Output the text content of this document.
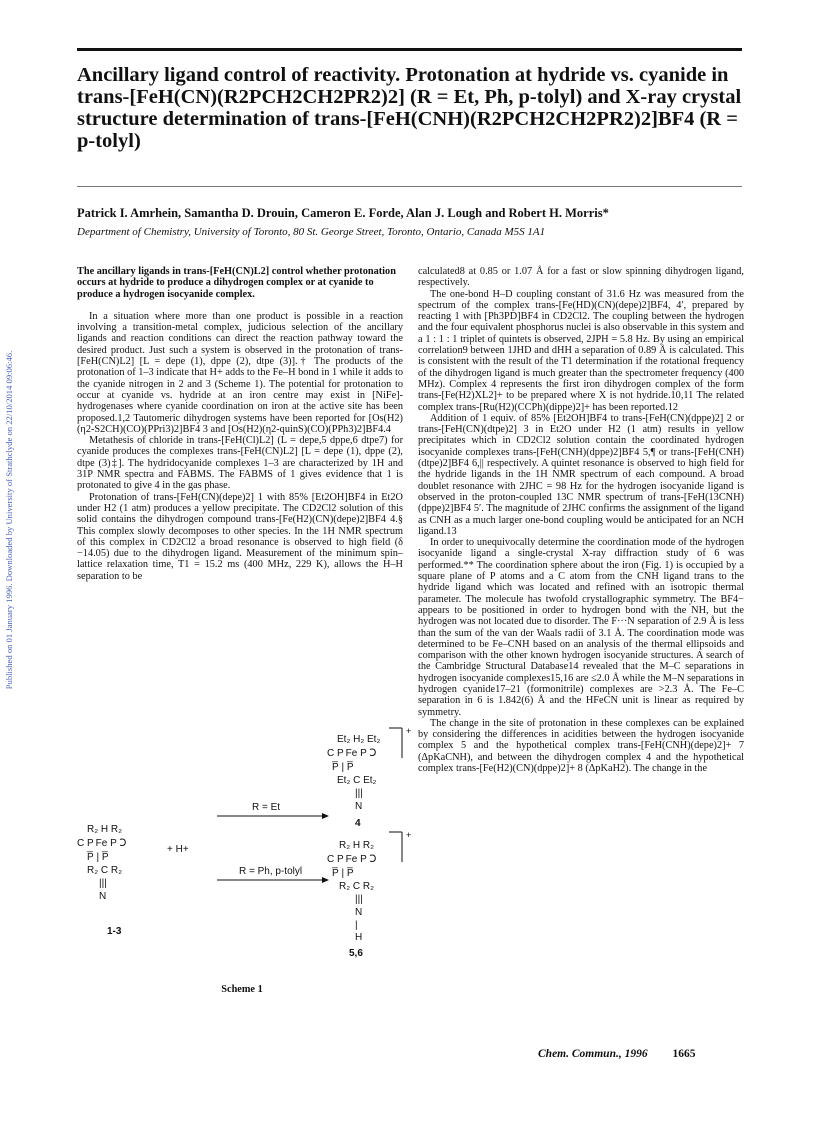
Ancillary ligand control of reactivity. Protonation at hydride vs. cyanide in trans-[FeH(CN)(R2PCH2CH2PR2)2] (R = Et, Ph, p-tolyl) and X-ray crystal structure determination of trans-[FeH(CNH)(R2PCH2CH2PR2)2]BF4 (R = p-tolyl)

Patrick I. Amrhein, Samantha D. Drouin, Cameron E. Forde, Alan J. Lough and Robert H. Morris*

Department of Chemistry, University of Toronto, 80 St. George Street, Toronto, Ontario, Canada M5S 1A1

Published on 01 January 1996. Downloaded by University of Strathclyde on 22/10/2014 09:06:46.

The ancillary ligands in trans-[FeH(CN)L2] control whether protonation occurs at hydride to produce a dihydrogen complex or at cyanide to produce a hydrogen isocyanide complex.

In a situation where more than one product is possible in a reaction involving a transition-metal complex, judicious selection of the ancillary ligands and reaction conditions can direct the reaction pathway toward the desired product. Just such a system is observed in the protonation of trans-[FeH(CN)L2] [L = depe (1), dppe (2), dtpe (3)].† The products of the protonation of 1–3 indicate that H+ adds to the Fe–H bond in 1 while it adds to the cyanide nitrogen in 2 and 3 (Scheme 1). The potential for protonation to occur at cyanide vs. hydride at an iron centre may exist in [NiFe]-hydrogenases where cyanide coordination on iron at the active site has been proposed.1,2 Tautomeric dihydrogen systems have been reported for [Os(H2)(η2-S2CH)(CO)(PPri3)2]BF4 3 and [Os(H2)(η2-quinS)(CO)(PPh3)2]BF4.4

Metathesis of chloride in trans-[FeH(Cl)L2] (L = depe,5 dppe,6 dtpe7) for cyanide produces the complexes trans-[FeH(CN)L2] [L = depe (1), dppe (2), dtpe (3)‡]. The hydridocyanide complexes 1–3 are characterized by 1H and 31P NMR spectra and FABMS. The FABMS of 1 gives evidence that 1 is protonated to give 4 in the gas phase.

Protonation of trans-[FeH(CN)(depe)2] 1 with 85% [Et2OH]BF4 in Et2O under H2 (1 atm) produces a yellow precipitate. The CD2Cl2 solution of this solid contains the dihydrogen compound trans-[Fe(H2)(CN)(depe)2]BF4 4.§ This complex slowly decomposes to other species. In the 1H NMR spectrum of this complex in CD2Cl2 a broad resonance is observed to high field (δ −14.05) due to the dihydrogen ligand. Measurement of the minimum spin–lattice relaxation time, T1 = 15.2 ms (400 MHz, 229 K), allows the H–H separation to be

R₂ H R₂
C P Fe P Ↄ
P̅ | P̅
R₂ C R₂
|||
N
1-3
+ H+
R = Et
R = Ph, p-tolyl
Et₂ H₂ Et₂
C P Fe P Ↄ
P̅ | P̅
Et₂ C Et₂
|||
N
4
+
R₂ H R₂
C P Fe P Ↄ
P̅ | P̅
R₂ C R₂
|||
N
|
H
5,6
+
Scheme 1

calculated8 at 0.85 or 1.07 Å for a fast or slow spinning dihydrogen ligand, respectively.

The one-bond H–D coupling constant of 31.6 Hz was measured from the spectrum of the complex trans-[Fe(HD)(CN)(depe)2]BF4, 4′, prepared by reacting 1 with [Ph3PD]BF4 in CD2Cl2. The coupling between the hydrogen and the four equivalent phosphorus nuclei is also observable in this system and a 1 : 1 : 1 triplet of quintets is observed, 2JPH = 5.8 Hz. By using an empirical correlation9 between 1JHD and dHH a separation of 0.89 Å is calculated. This is consistent with the result of the T1 determination if the rotational frequency of the dihydrogen ligand is much greater than the spectrometer frequency (400 MHz). Complex 4 represents the first iron dihydrogen complex of the form trans-[Fe(H2)XL2]+ to be prepared where X is not hydride.10,11 The related complex trans-[Ru(H2)(CCPh)(dippe)2]+ has been reported.12

Addition of 1 equiv. of 85% [Et2OH]BF4 to trans-[FeH(CN)(dppe)2] 2 or trans-[FeH(CN)(dtpe)2] 3 in Et2O under H2 (1 atm) results in yellow precipitates which in CD2Cl2 solution contain the coordinated hydrogen isocyanide complexes trans-[FeH(CNH)(dppe)2]BF4 5,¶ or trans-[FeH(CNH)(dtpe)2]BF4 6,|| respectively. A quintet resonance is observed to high field for the hydride ligands in the 1H NMR spectrum of each compound. A broad doublet resonance with 2JHC = 98 Hz for the hydrogen isocyanide ligand is observed in the proton-coupled 13C NMR spectrum of trans-[FeH(13CNH)(dppe)2]BF4 5′. The magnitude of 2JHC confirms the assignment of the ligand as CNH as a much larger one-bond coupling would be anticipated for an NCH ligand.13

In order to unequivocally determine the coordination mode of the hydrogen isocyanide ligand a single-crystal X-ray diffraction study of 6 was performed.** The coordination sphere about the iron (Fig. 1) is occupied by a square plane of P atoms and a C atom from the CNH ligand trans to the hydride ligand which was located and refined with an isotropic thermal parameter. The molecule has twofold crystallographic symmetry. The BF4− appears to be positioned in order to hydrogen bond with the NH, but the hydrogen was not located due to disorder. The F···N separation of 2.9 Å is less than the sum of the van der Waals radii of 3.1 Å. The coordination mode was determined to be Fe–CNH based on an analysis of the thermal ellipsoids and comparison with the other known hydrogen isocyanide structures. A search of the Cambridge Structural Database14 revealed that the M–C separations in hydrogen isocyanide complexes15,16 are ≤2.0 Å while the M–N separations in hydrogen cyanide17–21 (formonitrile) complexes are >2.3 Å. The Fe–C separation in 6 is 1.842(6) Å and the HFeCN unit is linear as required by symmetry.

The change in the site of protonation in these complexes can be explained by considering the differences in acidities between the hydrogen isocyanide complex 5 and the hypothetical complex trans-[FeH(CNH)(depe)2]+ 7 (ΔpKaCNH), and between the dihydrogen complex 4 and the hypothetical complex trans-[Fe(H2)(CN)(dppe)2]+ 8 (ΔpKaH2). The change in the

Chem. Commun., 1996 1665
